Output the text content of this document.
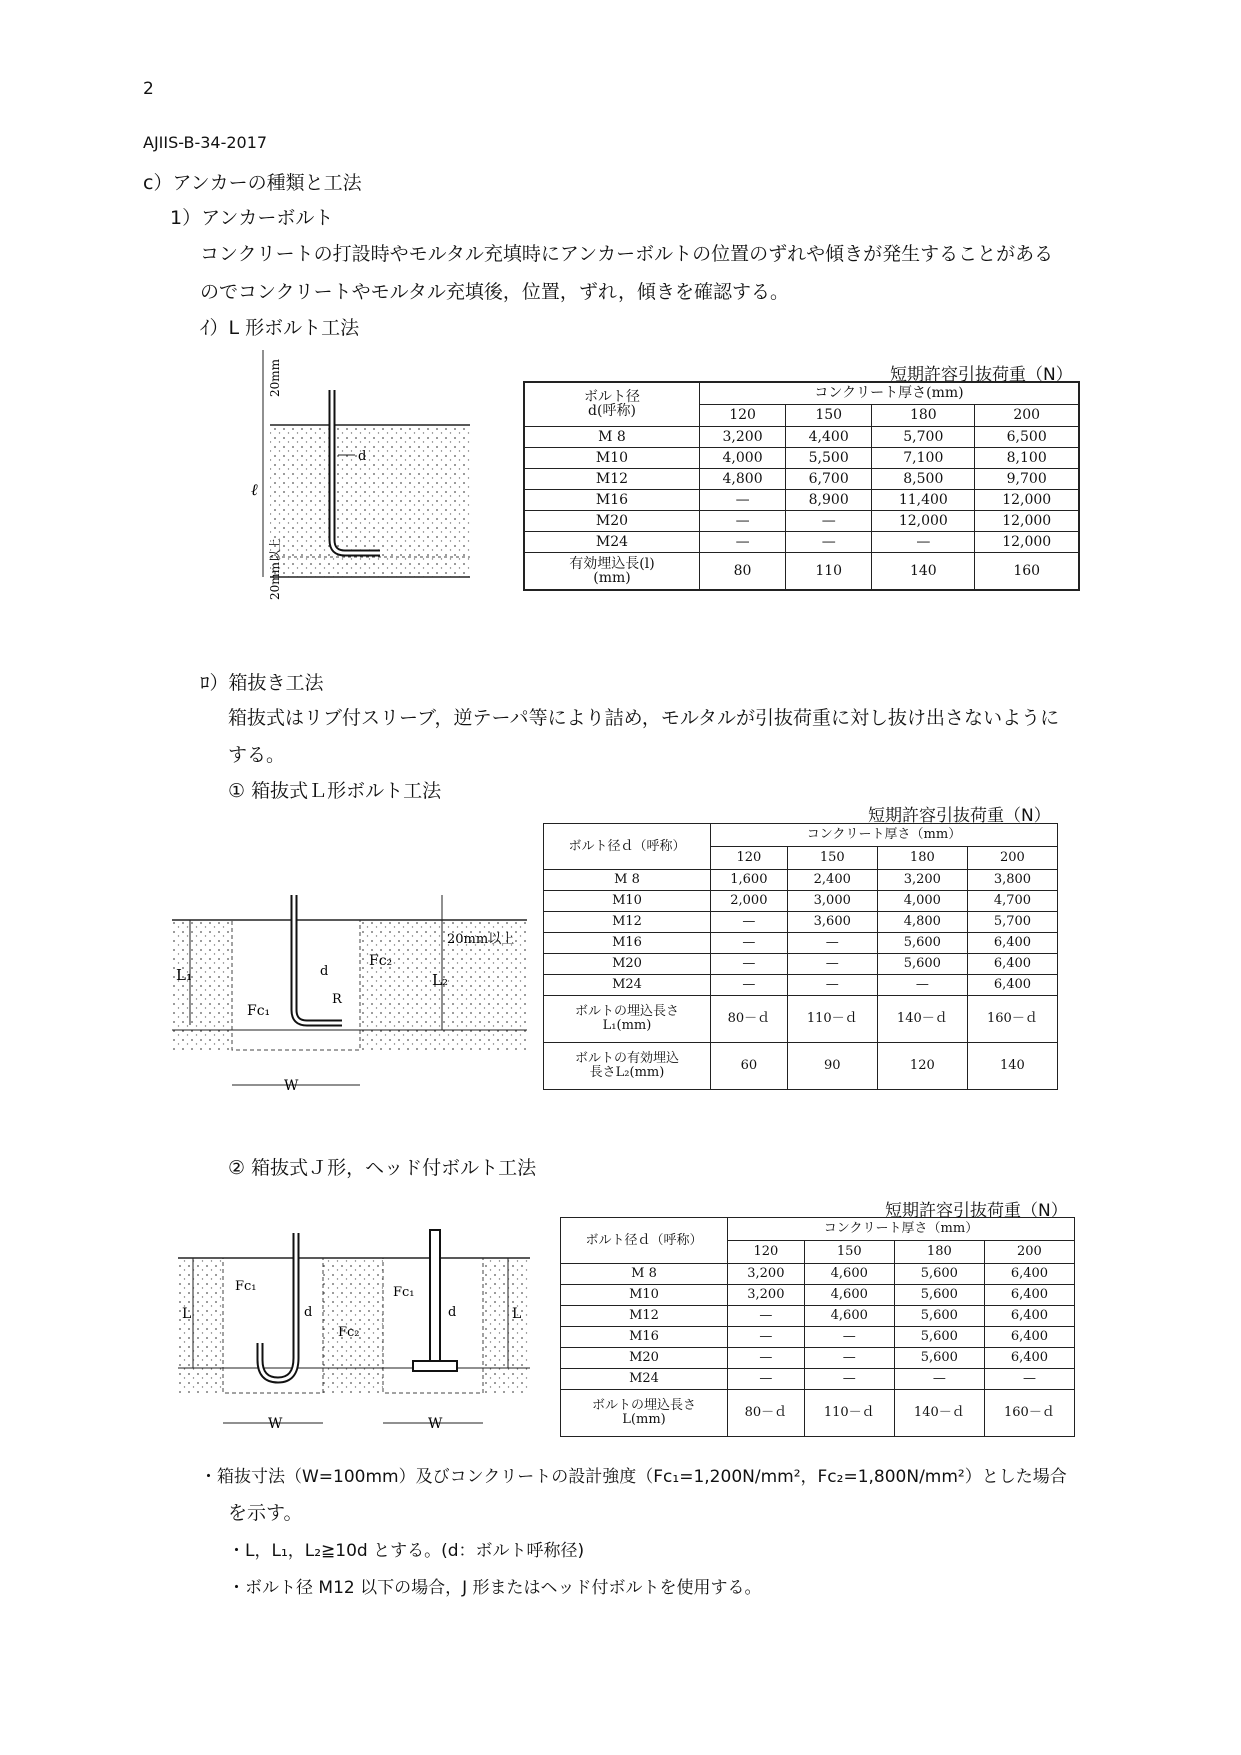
2
AJIIS-B-34-2017
c）アンカーの種類と工法
1）アンカーボルト
コンクリートの打設時やモルタル充填時にアンカーボルトの位置のずれや傾きが発生することがある
のでコンクリートやモルタル充填後，位置，ずれ，傾きを確認する。
ｲ）L 形ボルト工法
d
20mm
ℓ
20mm以上
短期許容引抜荷重（N）
ボルト径
d(呼称)	コンクリート厚さ(mm)			
	120	150	180	200
M 8	3,200	4,400	5,700	6,500
M10	4,000	5,500	7,100	8,100
M12	4,800	6,700	8,500	9,700
M16	—	8,900	11,400	12,000
M20	—	—	12,000	12,000
M24	—	—	—	12,000
有効埋込長(l)
(mm)	80	110	140	160
ﾛ）箱抜き工法
箱抜式はリブ付スリーブ，逆テーパ等により詰め，モルタルが引抜荷重に対し抜け出さないように
する。
① 箱抜式Ｌ形ボルト工法
L₁	L₂
Fc₁
Fc₂
d
R
W
20mm以上
短期許容引抜荷重（N）
ボルト径ｄ（呼称）	コンクリート厚さ（mm）			
	120	150	180	200
M 8	1,600	2,400	3,200	3,800
M10	2,000	3,000	4,000	4,700
M12	—	3,600	4,800	5,700
M16	—	—	5,600	6,400
M20	—	—	5,600	6,400
M24	—	—	—	6,400
ボルトの埋込長さ
L₁(mm)	80－ｄ	110－ｄ	140－ｄ	160－ｄ
ボルトの有効埋込
長さL₂(mm)	60	90	120	140
② 箱抜式Ｊ形，ヘッド付ボルト工法
L	L
Fc₁	Fc₁
Fc₂
d	d
W	W
短期許容引抜荷重（N）
ボルト径ｄ（呼称）	コンクリート厚さ（mm）			
	120	150	180	200
M 8	3,200	4,600	5,600	6,400
M10	3,200	4,600	5,600	6,400
M12	—	4,600	5,600	6,400
M16	—	—	5,600	6,400
M20	—	—	5,600	6,400
M24	—	—	—	—
ボルトの埋込長さ
L(mm)	80－ｄ	110－ｄ	140－ｄ	160－ｄ
・箱抜寸法（W=100mm）及びコンクリートの設計強度（Fc₁=1,200N/mm²，Fc₂=1,800N/mm²）とした場合
を示す。
・L，L₁，L₂≧10d とする。(d：ボルト呼称径)
・ボルト径 M12 以下の場合，J 形またはヘッド付ボルトを使用する。
